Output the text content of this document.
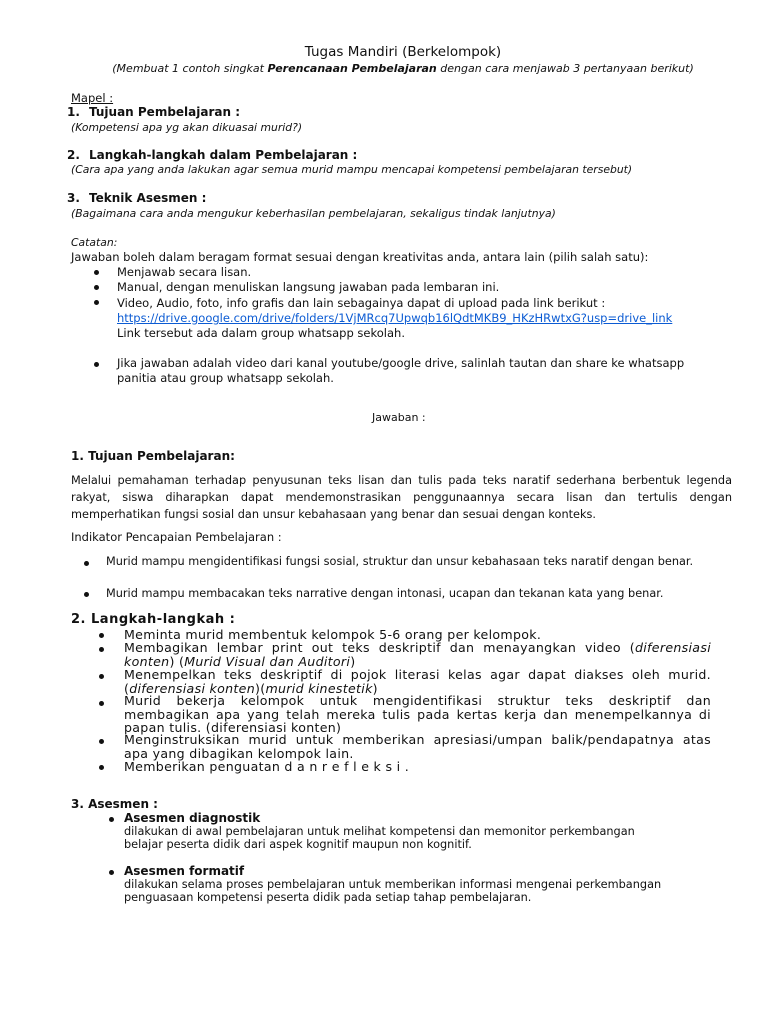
Tugas Mandiri (Berkelompok)
(Membuat 1 contoh singkat Perencanaan Pembelajaran dengan cara menjawab 3 pertanyaan berikut)
Mapel :
1. Tujuan Pembelajaran :
(Kompetensi apa yg akan dikuasai murid?)
2. Langkah-langkah dalam Pembelajaran :
(Cara apa yang anda lakukan agar semua murid mampu mencapai kompetensi pembelajaran tersebut)
3. Teknik Asesmen :
(Bagaimana cara anda mengukur keberhasilan pembelajaran, sekaligus tindak lanjutnya)
Catatan:
Jawaban boleh dalam beragam format sesuai dengan kreativitas anda, antara lain (pilih salah satu):
Menjawab secara lisan.
Manual, dengan menuliskan langsung jawaban pada lembaran ini.
Video, Audio, foto, info grafis dan lain sebagainya dapat di upload pada link berikut :
https://drive.google.com/drive/folders/1VjMRcq7Upwqb16lQdtMKB9_HKzHRwtxG?usp=drive_link
Link tersebut ada dalam group whatsapp sekolah.
Jika jawaban adalah video dari kanal youtube/google drive, salinlah tautan dan share ke whatsapp
panitia atau group whatsapp sekolah.
Jawaban :
1. Tujuan Pembelajaran:
Melalui pemahaman terhadap penyusunan teks lisan dan tulis pada teks naratif sederhana berbentuk legenda rakyat, siswa diharapkan dapat mendemonstrasikan penggunaannya secara lisan dan tertulis dengan memperhatikan fungsi sosial dan unsur kebahasaan yang benar dan sesuai dengan konteks.
Indikator Pencapaian Pembelajaran :
Murid mampu mengidentifikasi fungsi sosial, struktur dan unsur kebahasaan teks naratif dengan benar.
Murid mampu membacakan teks narrative dengan intonasi, ucapan dan tekanan kata yang benar.
2. Langkah-langkah :
Meminta murid membentuk kelompok 5-6 orang per kelompok.
Membagikan lembar print out teks deskriptif dan menayangkan video (diferensiasi konten) (Murid Visual dan Auditori)
Menempelkan teks deskriptif di pojok literasi kelas agar dapat diakses oleh murid. (diferensiasi konten)(murid kinestetik)
Murid bekerja kelompok untuk mengidentifikasi struktur teks deskriptif dan membagikan apa yang telah mereka tulis pada kertas kerja dan menempelkannya di papan tulis. (diferensiasi konten)
Menginstruksikan murid untuk memberikan apresiasi/umpan balik/pendapatnya atas apa yang dibagikan kelompok lain.
Memberikan penguatan d a n r e f l e k s i .
3. Asesmen :
Asesmen diagnostik
dilakukan di awal pembelajaran untuk melihat kompetensi dan memonitor perkembangan
belajar peserta didik dari aspek kognitif maupun non kognitif.
Asesmen formatif
dilakukan selama proses pembelajaran untuk memberikan informasi mengenai perkembangan
penguasaan kompetensi peserta didik pada setiap tahap pembelajaran.
